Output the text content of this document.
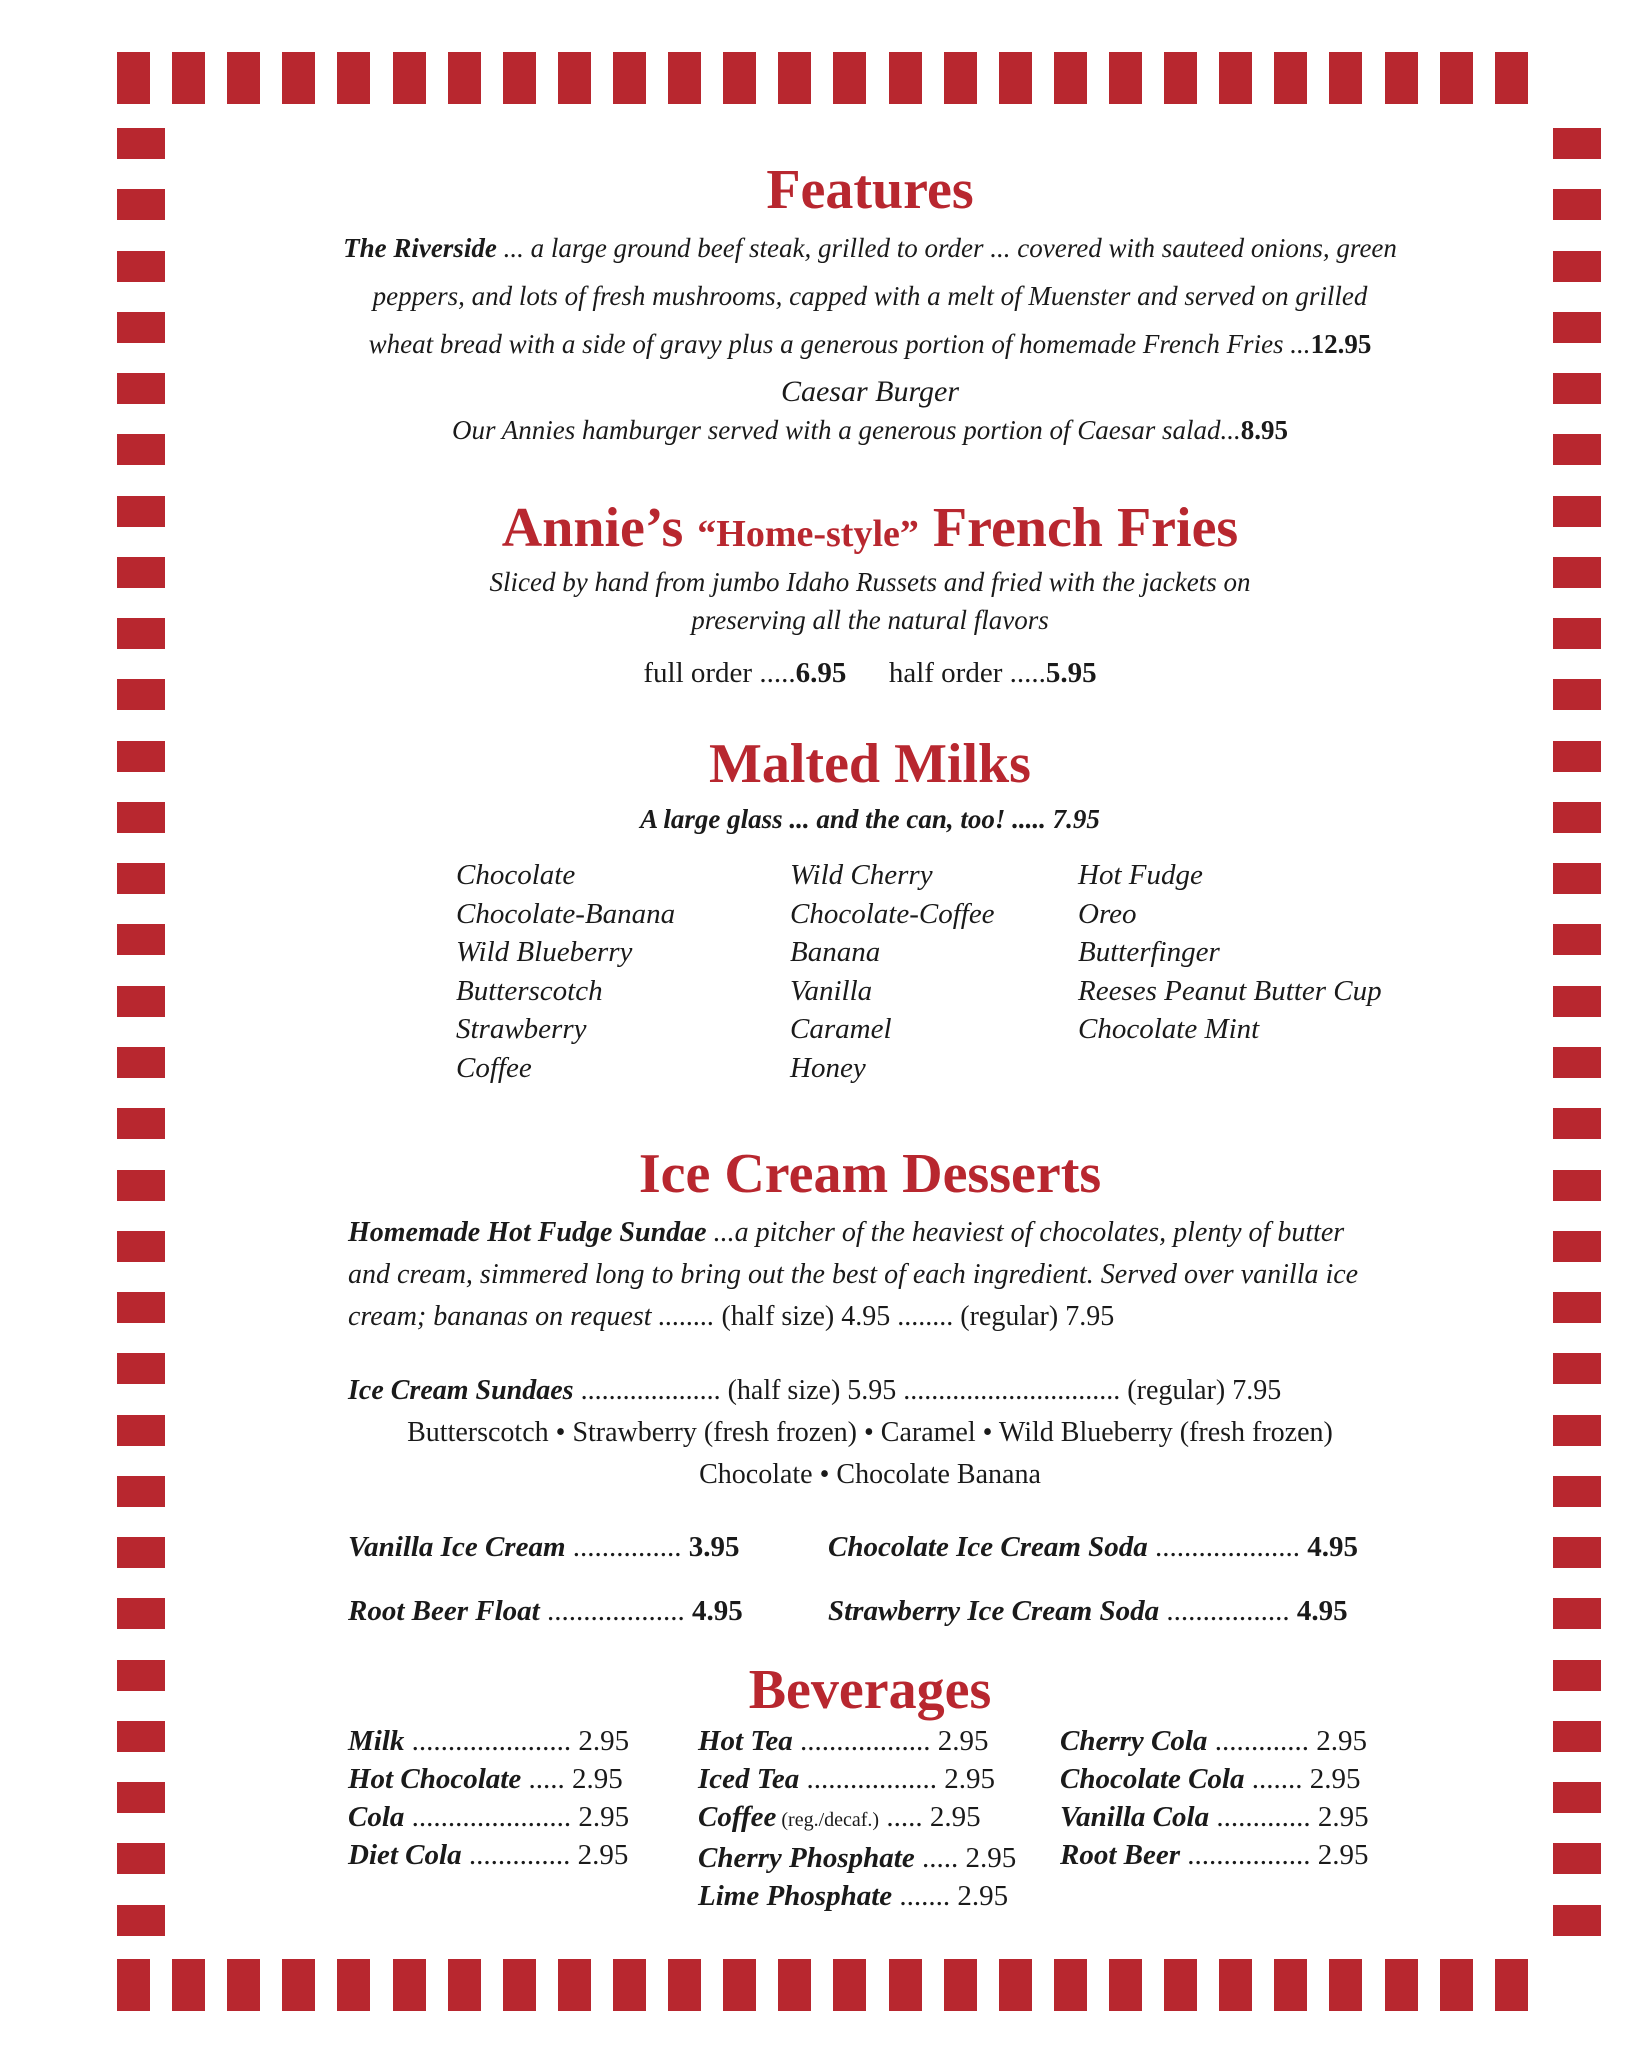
Features
The Riverside ... a large ground beef steak, grilled to order ... covered with sauteed onions, green
peppers, and lots of fresh mushrooms, capped with a melt of Muenster and served on grilled
wheat bread with a side of gravy plus a generous portion of homemade French Fries ...12.95
Caesar Burger
Our Annies hamburger served with a generous portion of Caesar salad...8.95
Annie’s “Home-style” French Fries
Sliced by hand from jumbo Idaho Russets and fried with the jackets on
preserving all the natural flavors
full order .....6.95 half order .....5.95
Malted Milks
A large glass ... and the can, too! ..... 7.95
Chocolate
Chocolate-Banana
Wild Blueberry
Butterscotch
Strawberry
Coffee
Wild Cherry
Chocolate-Coffee
Banana
Vanilla
Caramel
Honey
Hot Fudge
Oreo
Butterfinger
Reeses Peanut Butter Cup
Chocolate Mint
Ice Cream Desserts
Homemade Hot Fudge Sundae ...a pitcher of the heaviest of chocolates, plenty of butter
and cream, simmered long to bring out the best of each ingredient. Served over vanilla ice
cream; bananas on request ........ (half size) 4.95 ........ (regular) 7.95
Ice Cream Sundaes .................... (half size) 5.95 ............................... (regular) 7.95
Butterscotch • Strawberry (fresh frozen) • Caramel • Wild Blueberry (fresh frozen)
Chocolate • Chocolate Banana
Vanilla Ice Cream ............... 3.95	Chocolate Ice Cream Soda .................... 4.95
Root Beer Float ................... 4.95	Strawberry Ice Cream Soda ................. 4.95
Beverages
Milk ...................... 2.95
Hot Chocolate ..... 2.95
Cola ...................... 2.95
Diet Cola .............. 2.95
Hot Tea .................. 2.95
Iced Tea .................. 2.95
Coffee (reg./decaf.) ..... 2.95
Cherry Phosphate ..... 2.95
Lime Phosphate ....... 2.95
Cherry Cola ............. 2.95
Chocolate Cola ....... 2.95
Vanilla Cola ............. 2.95
Root Beer ................. 2.95
